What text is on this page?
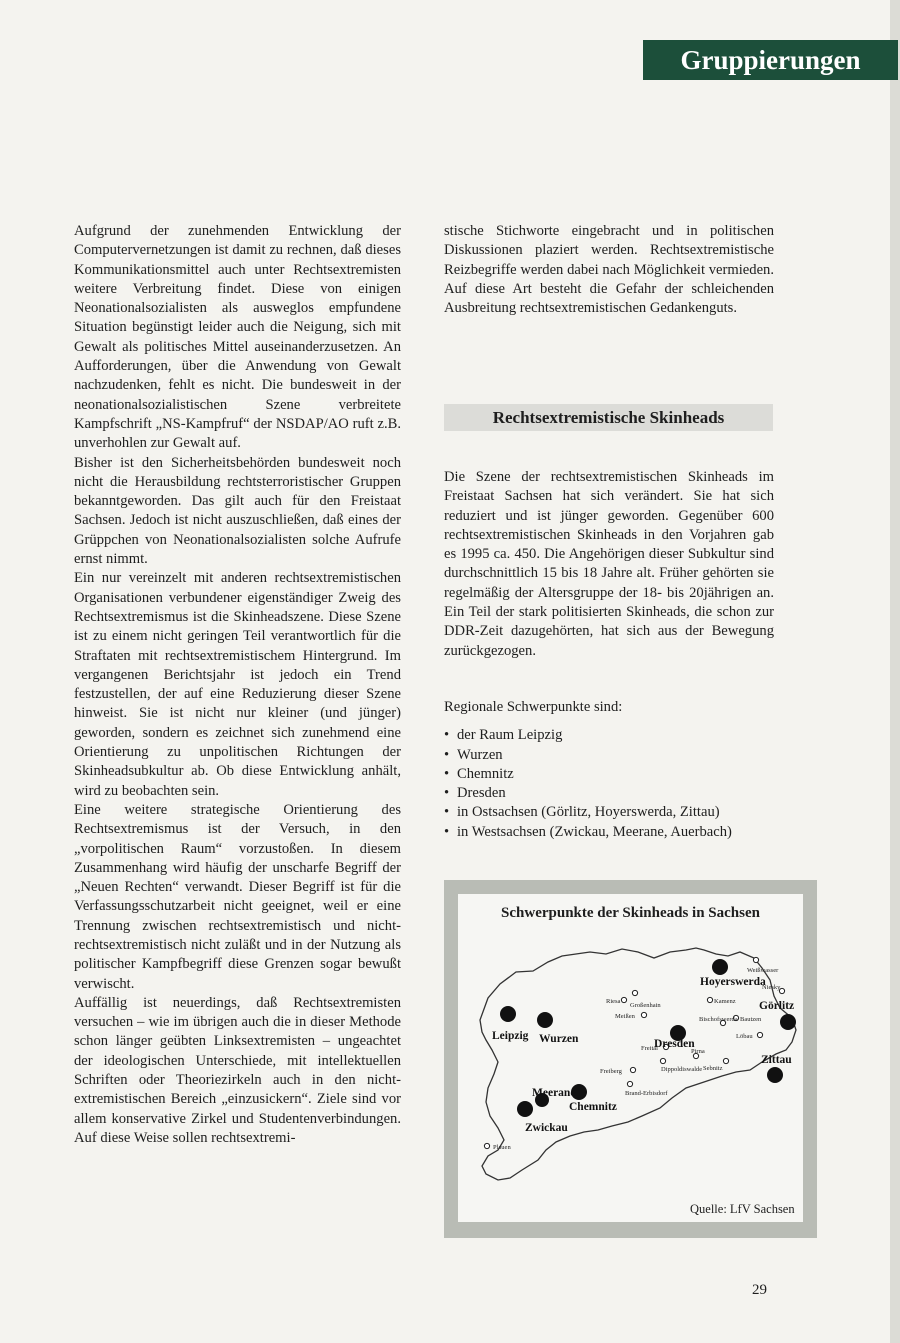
Gruppierungen

Aufgrund der zunehmenden Entwicklung der Computervernetzungen ist damit zu rechnen, daß dieses Kommunikationsmittel auch unter Rechtsextremisten weitere Verbreitung findet. Diese von einigen Neonationalsozialisten als ausweglos empfundene Situation begünstigt leider auch die Neigung, sich mit Gewalt als politisches Mittel auseinanderzusetzen. An Aufforderungen, über die Anwendung von Gewalt nachzudenken, fehlt es nicht. Die bundesweit in der neonationalsozialistischen Szene verbreitete Kampfschrift „NS-Kampfruf“ der NSDAP/AO ruft z.B. unverhohlen zur Gewalt auf.

Bisher ist den Sicherheitsbehörden bundesweit noch nicht die Herausbildung rechtsterroristischer Gruppen bekanntgeworden. Das gilt auch für den Freistaat Sachsen. Jedoch ist nicht auszuschließen, daß eines der Grüppchen von Neonationalsozialisten solche Aufrufe ernst nimmt.

Ein nur vereinzelt mit anderen rechtsextremistischen Organisationen verbundener eigenständiger Zweig des Rechtsextremismus ist die Skinheadszene. Diese Szene ist zu einem nicht geringen Teil verantwortlich für die Straftaten mit rechtsextremistischem Hintergrund. Im vergangenen Berichtsjahr ist jedoch ein Trend festzustellen, der auf eine Reduzierung dieser Szene hinweist. Sie ist nicht nur kleiner (und jünger) geworden, sondern es zeichnet sich zunehmend eine Orientierung zu unpolitischen Richtungen der Skinheadsubkultur ab. Ob diese Entwicklung anhält, wird zu beobachten sein.

Eine weitere strategische Orientierung des Rechtsextremismus ist der Versuch, in den „vorpolitischen Raum“ vorzustoßen. In diesem Zusammenhang wird häufig der unscharfe Begriff der „Neuen Rechten“ verwandt. Dieser Begriff ist für die Verfassungsschutzarbeit nicht geeignet, weil er eine Trennung zwischen rechtsextremistisch und nicht-rechtsextremistisch nicht zuläßt und in der Nutzung als politischer Kampfbegriff diese Grenzen sogar bewußt verwischt.

Auffällig ist neuerdings, daß Rechtsextremisten versuchen – wie im übrigen auch die in dieser Methode schon länger geübten Linksextremisten – ungeachtet der ideologischen Unterschiede, mit intellektuellen Schriften oder Theoriezirkeln auch in den nicht-extremistischen Bereich „einzusickern“. Ziele sind vor allem konservative Zirkel und Studentenverbindungen. Auf diese Weise sollen rechtsextremi-

stische Stichworte eingebracht und in politischen Diskussionen plaziert werden. Rechtsextremistische Reizbegriffe werden dabei nach Möglichkeit vermieden. Auf diese Art besteht die Gefahr der schleichenden Ausbreitung rechtsextremistischen Gedankenguts.

Rechtsextremistische Skinheads
Die Szene der rechtsextremistischen Skinheads im Freistaat Sachsen hat sich verändert. Sie hat sich reduziert und ist jünger geworden. Gegenüber 600 rechtsextremistischen Skinheads in den Vorjahren gab es 1995 ca. 450. Die Angehörigen dieser Subkultur sind durchschnittlich 15 bis 18 Jahre alt. Früher gehörten sie regelmäßig der Altersgruppe der 18- bis 20jährigen an. Ein Teil der stark politisierten Skinheads, die schon zur DDR-Zeit dazugehörten, hat sich aus der Bewegung zurückgezogen.
Regionale Schwerpunkte sind:
• der Raum Leipzig
• Wurzen
• Chemnitz
• Dresden
• in Ostsachsen (Görlitz, Hoyerswerda, Zittau)
• in Westsachsen (Zwickau, Meerane, Auerbach)
Schwerpunkte der Skinheads in Sachsen
Leipzig Wurzen	Dresden
Hoyerswerda
Görlitz
Zittau
Chemnitz
Meerane
Zwickau
Weißwasser
Niesky
Kamenz
Riesa
Großenhain
Meißen	Bischofswerda Bautzen
Löbau
Freital	Pirna
Dippoldiswalde Sebnitz
Freiberg
Brand-Erbisdorf
Plauen
Quelle: LfV Sachsen
29
